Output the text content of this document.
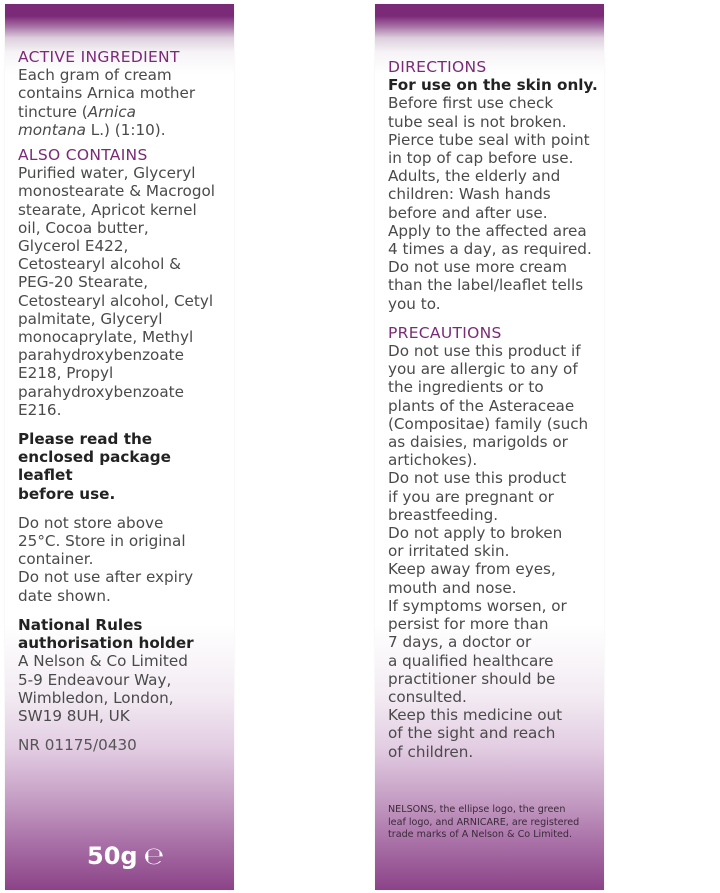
ACTIVE INGREDIENT

Each gram of cream
contains Arnica mother
tincture (Arnica
montana L.) (1:10).

ALSO CONTAINS

Purified water, Glyceryl
monostearate & Macrogol
stearate, Apricot kernel
oil, Cocoa butter,
Glycerol E422,
Cetostearyl alcohol &
PEG-20 Stearate,
Cetostearyl alcohol, Cetyl
palmitate, Glyceryl
monocaprylate, Methyl
parahydroxybenzoate
E218, Propyl
parahydroxybenzoate
E216.

Please read the
enclosed package leaflet
before use.

Do not store above
25°C. Store in original
container.
Do not use after expiry
date shown.

National Rules
authorisation holder

A Nelson & Co Limited
5-9 Endeavour Way,
Wimbledon, London,
SW19 8UH, UK

NR 01175/0430

50g ℮

DIRECTIONS

For use on the skin only.

Before first use check
tube seal is not broken.
Pierce tube seal with point
in top of cap before use.
Adults, the elderly and
children: Wash hands
before and after use.
Apply to the affected area
4 times a day, as required.
Do not use more cream
than the label/leaflet tells
you to.

PRECAUTIONS

Do not use this product if
you are allergic to any of
the ingredients or to
plants of the Asteraceae
(Compositae) family (such
as daisies, marigolds or
artichokes).
Do not use this product
if you are pregnant or
breastfeeding.
Do not apply to broken
or irritated skin.
Keep away from eyes,
mouth and nose.
If symptoms worsen, or
persist for more than
7 days, a doctor or
a qualified healthcare
practitioner should be
consulted.
Keep this medicine out
of the sight and reach
of children.

NELSONS, the ellipse logo, the green
leaf logo, and ARNICARE, are registered
trade marks of A Nelson & Co Limited.
